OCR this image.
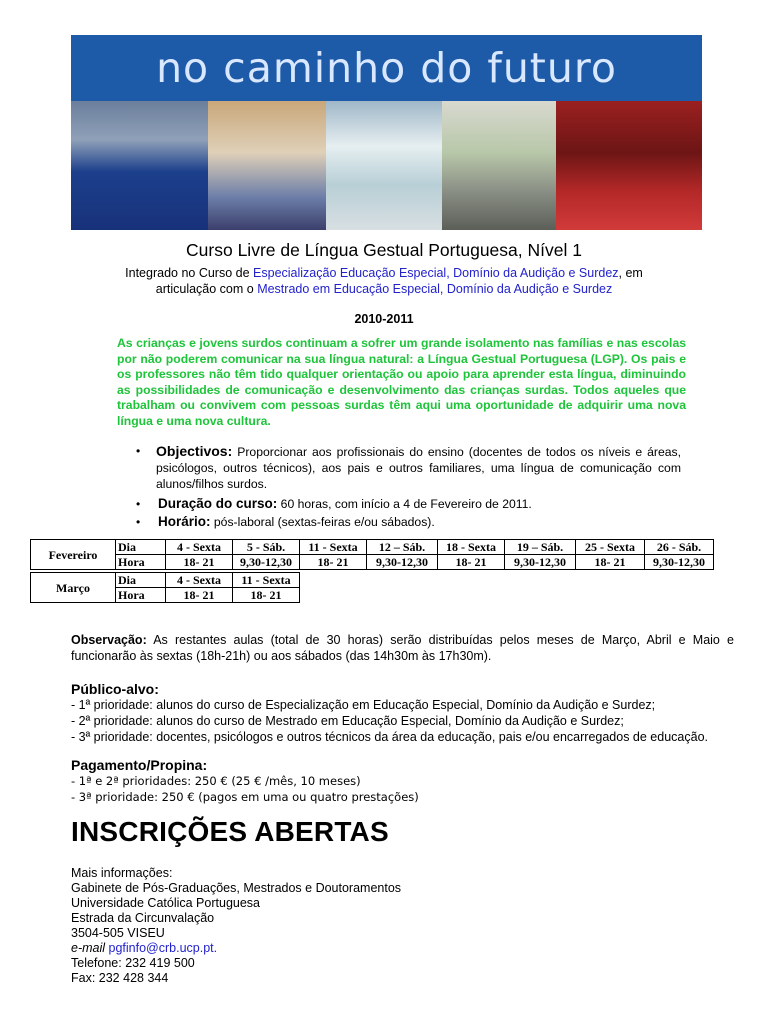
no caminho do futuro
Curso Livre de Língua Gestual Portuguesa, Nível 1
Integrado no Curso de Especialização Educação Especial, Domínio da Audição e Surdez, em
articulação com o Mestrado em Educação Especial, Domínio da Audição e Surdez
2010-2011
As crianças e jovens surdos continuam a sofrer um grande isolamento nas famílias e nas escolas por não poderem comunicar na sua língua natural: a Língua Gestual Portuguesa (LGP). Os pais e os professores não têm tido qualquer orientação ou apoio para aprender esta língua, diminuindo as possibilidades de comunicação e desenvolvimento das crianças surdas. Todos aqueles que trabalham ou convivem com pessoas surdas têm aqui uma oportunidade de adquirir uma nova língua e uma nova cultura.
• Objectivos: Proporcionar aos profissionais do ensino (docentes de todos os níveis e áreas, psicólogos, outros técnicos), aos pais e outros familiares, uma língua de comunicação com alunos/filhos surdos.
• Duração do curso: 60 horas, com início a 4 de Fevereiro de 2011.
• Horário: pós-laboral (sextas-feiras e/ou sábados).
Fevereiro	Dia	4 - Sexta	5 - Sáb.	11 - Sexta	12 – Sáb.	18 - Sexta	19 – Sáb.	25 - Sexta	26 - Sáb.
	Hora	18- 21	9,30-12,30	18- 21	9,30-12,30	18- 21	9,30-12,30	18- 21	9,30-12,30
Março	Dia	4 - Sexta	11 - Sexta
	Hora	18- 21	18- 21
Observação: As restantes aulas (total de 30 horas) serão distribuídas pelos meses de Março, Abril e Maio e funcionarão às sextas (18h-21h) ou aos sábados (das 14h30m às 17h30m).
Público-alvo:
- 1ª prioridade: alunos do curso de Especialização em Educação Especial, Domínio da Audição e Surdez;
- 2ª prioridade: alunos do curso de Mestrado em Educação Especial, Domínio da Audição e Surdez;
- 3ª prioridade: docentes, psicólogos e outros técnicos da área da educação, pais e/ou encarregados de educação.
Pagamento/Propina:
- 1ª e 2ª prioridades: 250 € (25 € /mês, 10 meses)
- 3ª prioridade: 250 € (pagos em uma ou quatro prestações)
INSCRIÇÕES ABERTAS
Mais informações:
Gabinete de Pós-Graduações, Mestrados e Doutoramentos
Universidade Católica Portuguesa
Estrada da Circunvalação
3504-505 VISEU
e-mail pgfinfo@crb.ucp.pt.
Telefone: 232 419 500
Fax: 232 428 344
